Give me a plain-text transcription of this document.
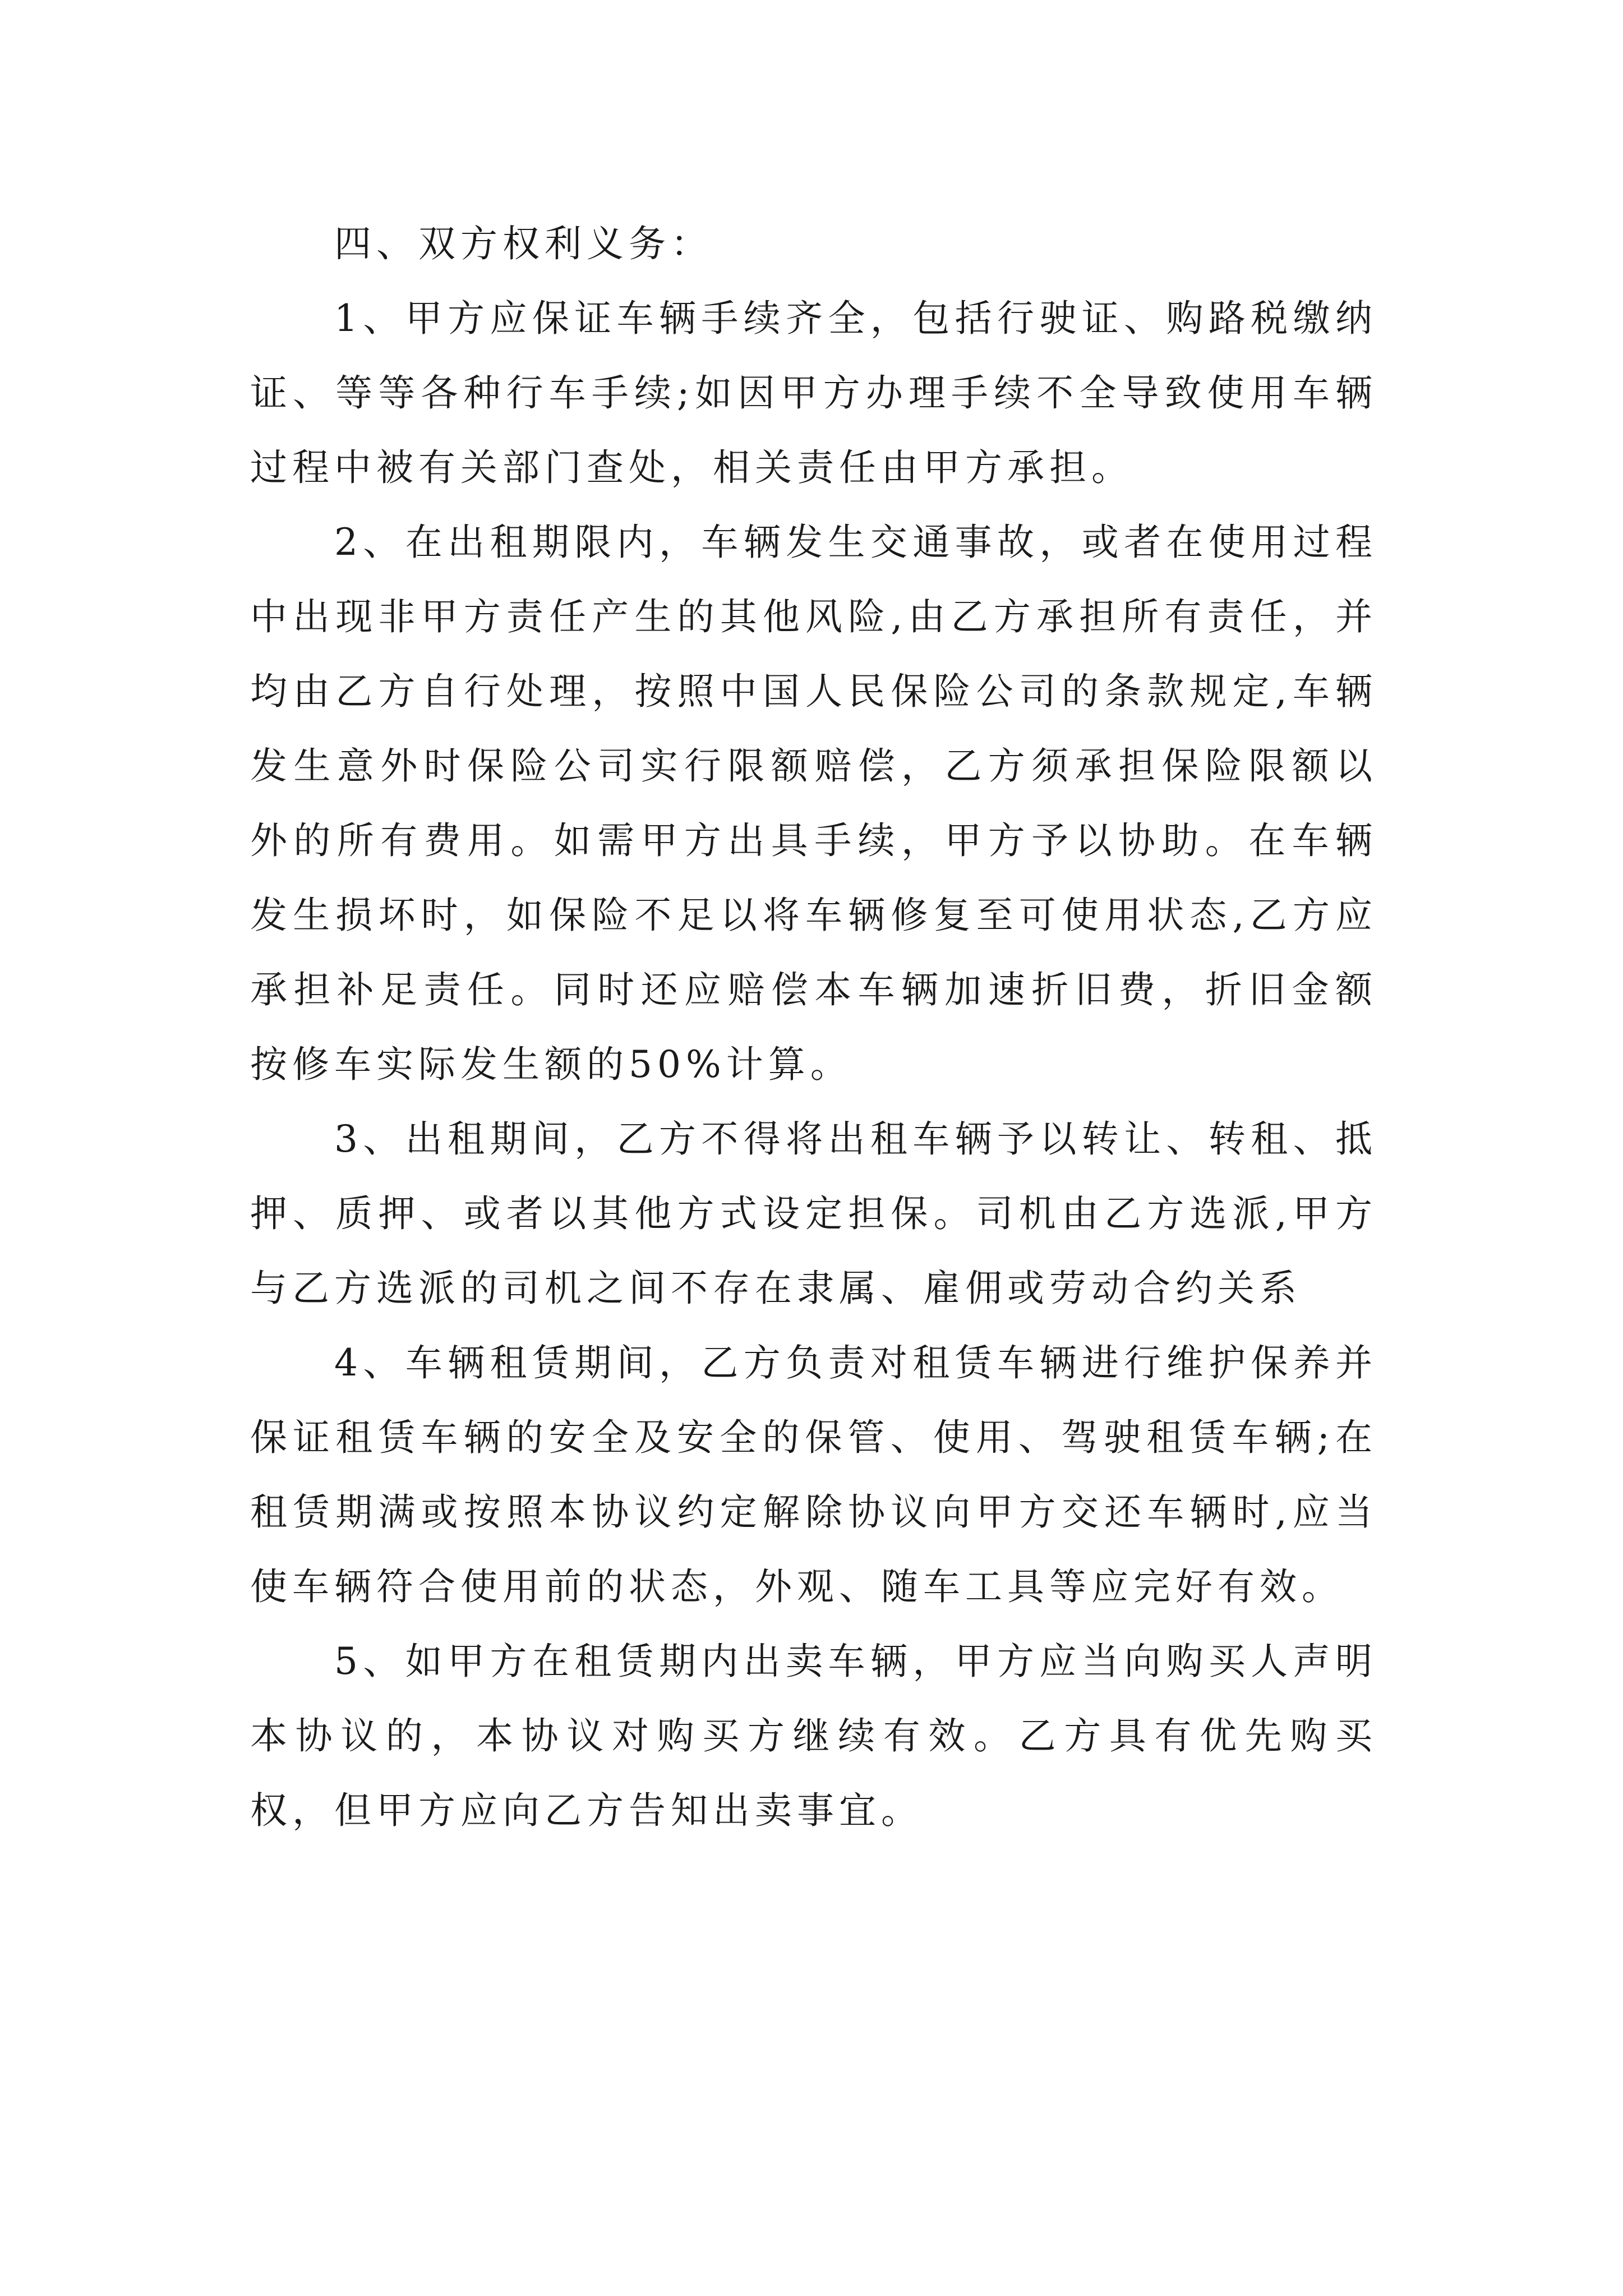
四、双方权利义务：

1、甲方应保证车辆手续齐全，包括行驶证、购路税缴纳证、等等各种行车手续;如因甲方办理手续不全导致使用车辆过程中被有关部门查处，相关责任由甲方承担。

2、在出租期限内，车辆发生交通事故，或者在使用过程中出现非甲方责任产生的其他风险,由乙方承担所有责任，并均由乙方自行处理，按照中国人民保险公司的条款规定,车辆发生意外时保险公司实行限额赔偿，乙方须承担保险限额以外的所有费用。如需甲方出具手续，甲方予以协助。在车辆发生损坏时，如保险不足以将车辆修复至可使用状态,乙方应承担补足责任。同时还应赔偿本车辆加速折旧费，折旧金额按修车实际发生额的50%计算。

3、出租期间，乙方不得将出租车辆予以转让、转租、抵押、质押、或者以其他方式设定担保。司机由乙方选派,甲方与乙方选派的司机之间不存在隶属、雇佣或劳动合约关系

4、车辆租赁期间，乙方负责对租赁车辆进行维护保养并保证租赁车辆的安全及安全的保管、使用、驾驶租赁车辆;在租赁期满或按照本协议约定解除协议向甲方交还车辆时,应当使车辆符合使用前的状态，外观、随车工具等应完好有效。

5、如甲方在租赁期内出卖车辆，甲方应当向购买人声明本协议的，本协议对购买方继续有效。乙方具有优先购买权，但甲方应向乙方告知出卖事宜。
